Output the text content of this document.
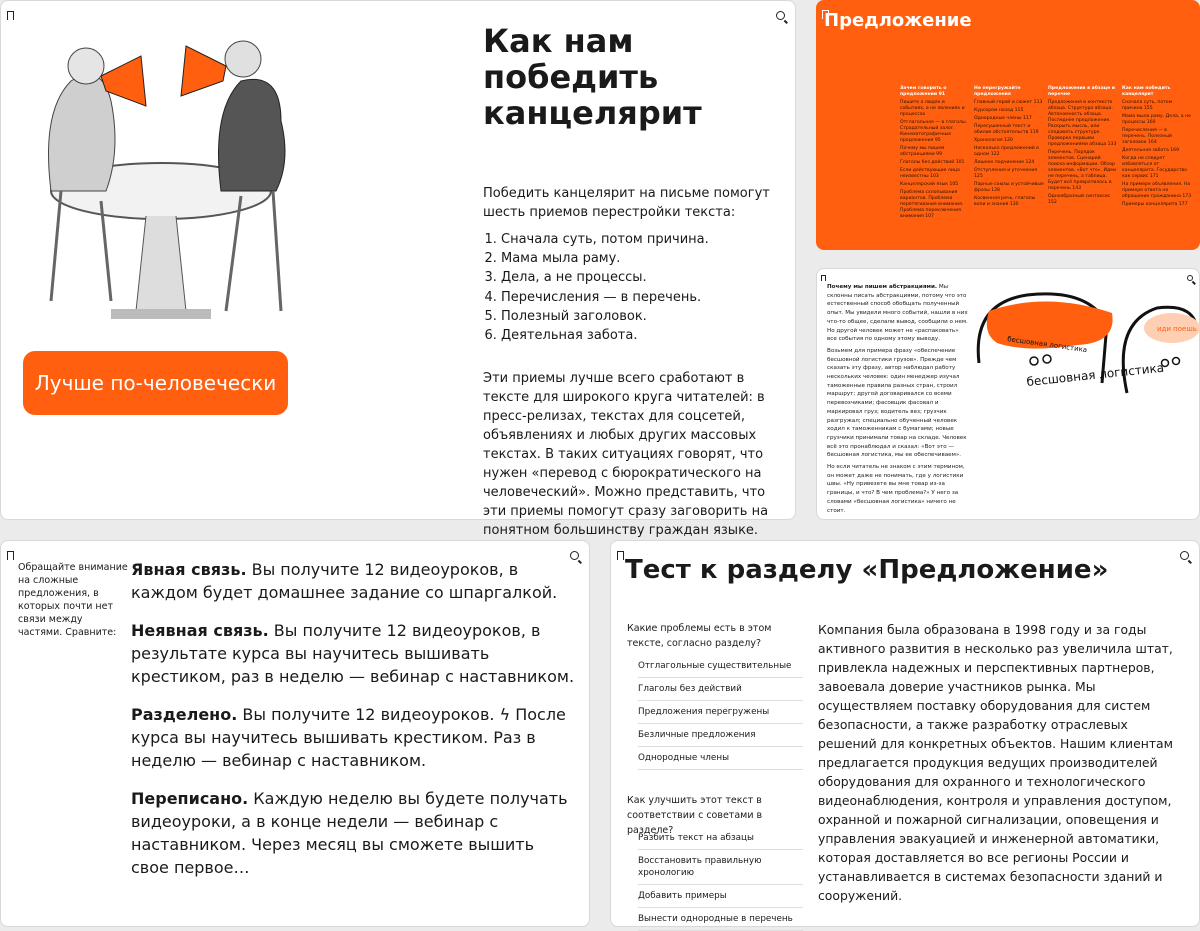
Лучше по-человечески
Как нам победить канцелярит

Победить канцелярит на письме помогут шесть приемов перестройки текста:

1. Сначала суть, потом причина.
2. Мама мыла раму.
3. Дела, а не процессы.
4. Перечисления — в перечень.
5. Полезный заголовок.
6. Деятельная забота.

Эти приемы лучше всего сработают в тексте для широкого круга читателей: в пресс-релизах, текстах для соцсетей, объявлениях и любых других массовых текстах. В таких ситуациях говорят, что нужен «перевод с бюрократического на человеческий». Можно представить, что эти приемы помогут сразу заговорить на понятном большинству граждан языке.

Предложение
Зачем говорить о предложении 91
Пишите о людях и событиях, а не явлениях и процессах
Отглагольное — в глаголы. Страдательный залог. Кинематографичные предложения 95
Почему мы пишем абстракциями 99
Глаголы без действий 101
Если действующие лица неизвестны 103
Канцелярский язык 105
Проблема схлопывания вариантов. Проблема перетягивания внимания. Проблема переключения внимания 107
Не перегружайте предложения
Главный герой и сюжет 113
Курсором назад 115
Однородные члены 117
Пересушенный текст и обилие обстоятельств 119
Хронология 120
Несколько предложений в одном 122
Лишнее подчинение 124
Отступления и уточнения 125
Парные союзы и устойчивые фразы 128
Косвенная речь, глаголы воли и знания 130
Предложения в абзаце и перечне
Предложения в контексте абзаца. Структура абзаца. Автономность абзаца. Последнее предложение. Раскрыть мысль, или следовать структуре. Проверка первыми предложениями абзаца 133
Перечень. Порядок элементов. Сценарий поиска информации. Обзор элементов. «Вот что». Идеи не перечень, а таблица. Будет всё превратилось в перечень 143
Однообразный синтаксис 152
Как нам победить канцелярит
Сначала суть, потом причина 155
Мама мыла раму. Дела, а не процессы 160
Перечисления — в перечень. Полезный заголовок 164
Деятельная забота 169
Когда не следует избавляться от канцелярита. Государство как сервис 171
На примере объявления. На примере ответа на обращение гражданина 173
Примеры канцелярита 177

Почему мы пишем абстракциями. Мы склонны писать абстракциями, потому что это естественный способ обобщать полученный опыт. Мы увидели много событий, нашли в них что-то общее, сделали вывод, сообщили о нем. Но другой человек может не «распаковать» все события по одному этому выводу.

Возьмем для примера фразу «обеспечение бесшовной логистики грузов». Прежде чем сказать эту фразу, автор наблюдал работу нескольких человек: один менеджер изучал таможенные правила разных стран, строил маршрут; другой договаривался со всеми перевозчиками; фасовщик фасовал и маркировал груз; водитель вез; грузчик разгружал; специально обученный человек ходил к таможенникам с бумагами; новые грузчики принимали товар на складе. Человек всё это пронаблюдал и сказал: «Вот это — бесшовная логистика, мы ее обеспечиваем».

Но если читатель не знаком с этим термином, он может даже не понимать, где у логистики швы. «Ну привезете вы мне товар из-за границы, и что? В чем проблема?» У него за словами «бесшовная логистика» ничего не стоит.

бесшовная логистика
бесшовная логистика
иди поешь
Обращайте внимание на сложные предложения, в которых почти нет связи между частями. Сравните:

Явная связь. Вы получите 12 видеоуроков, в каждом будет домашнее задание со шпаргалкой.

Неявная связь. Вы получите 12 видеоуроков, в результате курса вы научитесь вышивать крестиком, раз в неделю — вебинар с наставником.

Разделено. Вы получите 12 видеоуроков. ϟ После курса вы научитесь вышивать крестиком. Раз в неделю — вебинар с наставником.

Переписано. Каждую неделю вы будете получать видеоуроки, а в конце недели — вебинар с наставником. Через месяц вы сможете вышить свое первое…

Тест к разделу «Предложение»
Какие проблемы есть в этом тексте, согласно разделу?
Отглагольные существительные
Глаголы без действий
Предложения перегружены
Безличные предложения
Однородные члены
Как улучшить этот текст в соответствии с советами в разделе?
Разбить текст на абзацы
Восстановить правильную хронологию
Добавить примеры
Вынести однородные в перечень
Компания была образована в 1998 году и за годы активного развития в несколько раз увеличила штат, привлекла надежных и перспективных партнеров, завоевала доверие участников рынка. Мы осуществляем поставку оборудования для систем безопасности, а также разработку отраслевых решений для конкретных объектов. Нашим клиентам предлагается продукция ведущих производителей оборудования для охранного и технологического видеонаблюдения, контроля и управления доступом, охранной и пожарной сигнализации, оповещения и управления эвакуацией и инженерной автоматики, которая доставляется во все регионы России и устанавливается в системах безопасности зданий и сооружений.
